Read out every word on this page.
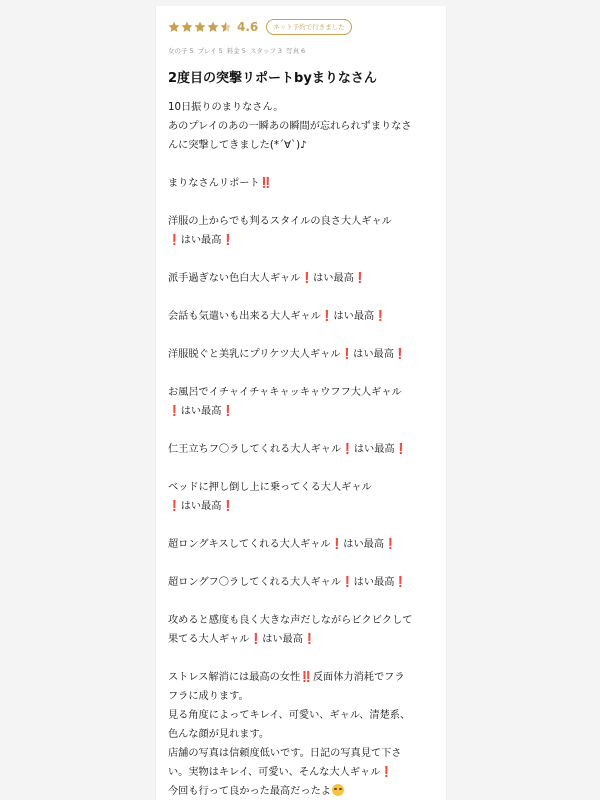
4.6	ネット予約で行きました
女の子 5 プレイ 5 料金 5 スタッフ 3 写真 6
2度目の突撃リポートbyまりなさん

10日振りのまりなさん。
あのプレイのあの一瞬あの瞬間が忘れられずまりなさ
んに突撃してきました(*´∀`)♪

まりなさんリポート‼️

洋服の上からでも判るスタイルの良さ大人ギャル
❗はい最高❗

派手過ぎない色白大人ギャル❗はい最高❗

会話も気遣いも出来る大人ギャル❗はい最高❗

洋服脱ぐと美乳にプリケツ大人ギャル❗はい最高❗

お風呂でイチャイチャキャッキャウフフ大人ギャル
❗はい最高❗

仁王立ちフ〇ラしてくれる大人ギャル❗はい最高❗

ベッドに押し倒し上に乗ってくる大人ギャル
❗はい最高❗

超ロングキスしてくれる大人ギャル❗はい最高❗

超ロングフ〇ラしてくれる大人ギャル❗はい最高❗

攻めると感度も良く大きな声だしながらビクビクして
果てる大人ギャル❗はい最高❗

ストレス解消には最高の女性‼️反面体力消耗でフラ
フラに成ります。
見る角度によってキレイ、可愛い、ギャル、清楚系、
色んな顔が見れます。
店舗の写真は信頼度低いです。日記の写真見て下さ
い。実物はキレイ、可愛い、そんな大人ギャル❗
今回も行って良かった最高だったよ
